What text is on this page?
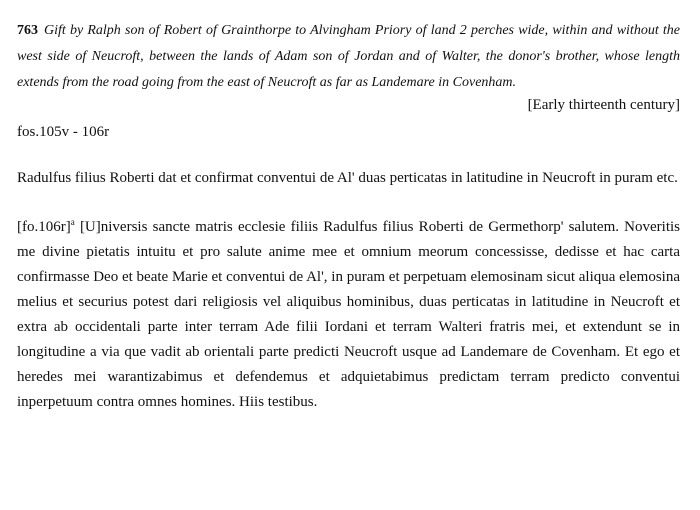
763 Gift by Ralph son of Robert of Grainthorpe to Alvingham Priory of land 2 perches wide, within and without the west side of Neucroft, between the lands of Adam son of Jordan and of Walter, the donor's brother, whose length extends from the road going from the east of Neucroft as far as Landemare in Covenham.
[Early thirteenth century]
fos.105v - 106r
Radulfus filius Roberti dat et confirmat conventui de Al' duas perticatas in latitudine in Neucroft in puram etc.
$[fo.106r]^a$ [U]niversis sancte matris ecclesie filiis Radulfus filius Roberti de Germethorp' salutem. Noveritis me divine pietatis intuitu et pro salute anime mee et omnium meorum concessisse, dedisse et hac carta confirmasse Deo et beate Marie et conventui de Al', in puram et perpetuam elemosinam sicut aliqua elemosina melius et securius potest dari religiosis vel aliquibus hominibus, duas perticatas in latitudine in Neucroft et extra ab occidentali parte inter terram Ade filii Iordani et terram Walteri fratris mei, et extendunt se in longitudine a via que vadit ab orientali parte predicti Neucroft usque ad Landemare de Covenham. Et ego et heredes mei warantizabimus et defendemus et adquietabimus predictam terram predicto conventui inperpetuum contra omnes homines. Hiis testibus.
